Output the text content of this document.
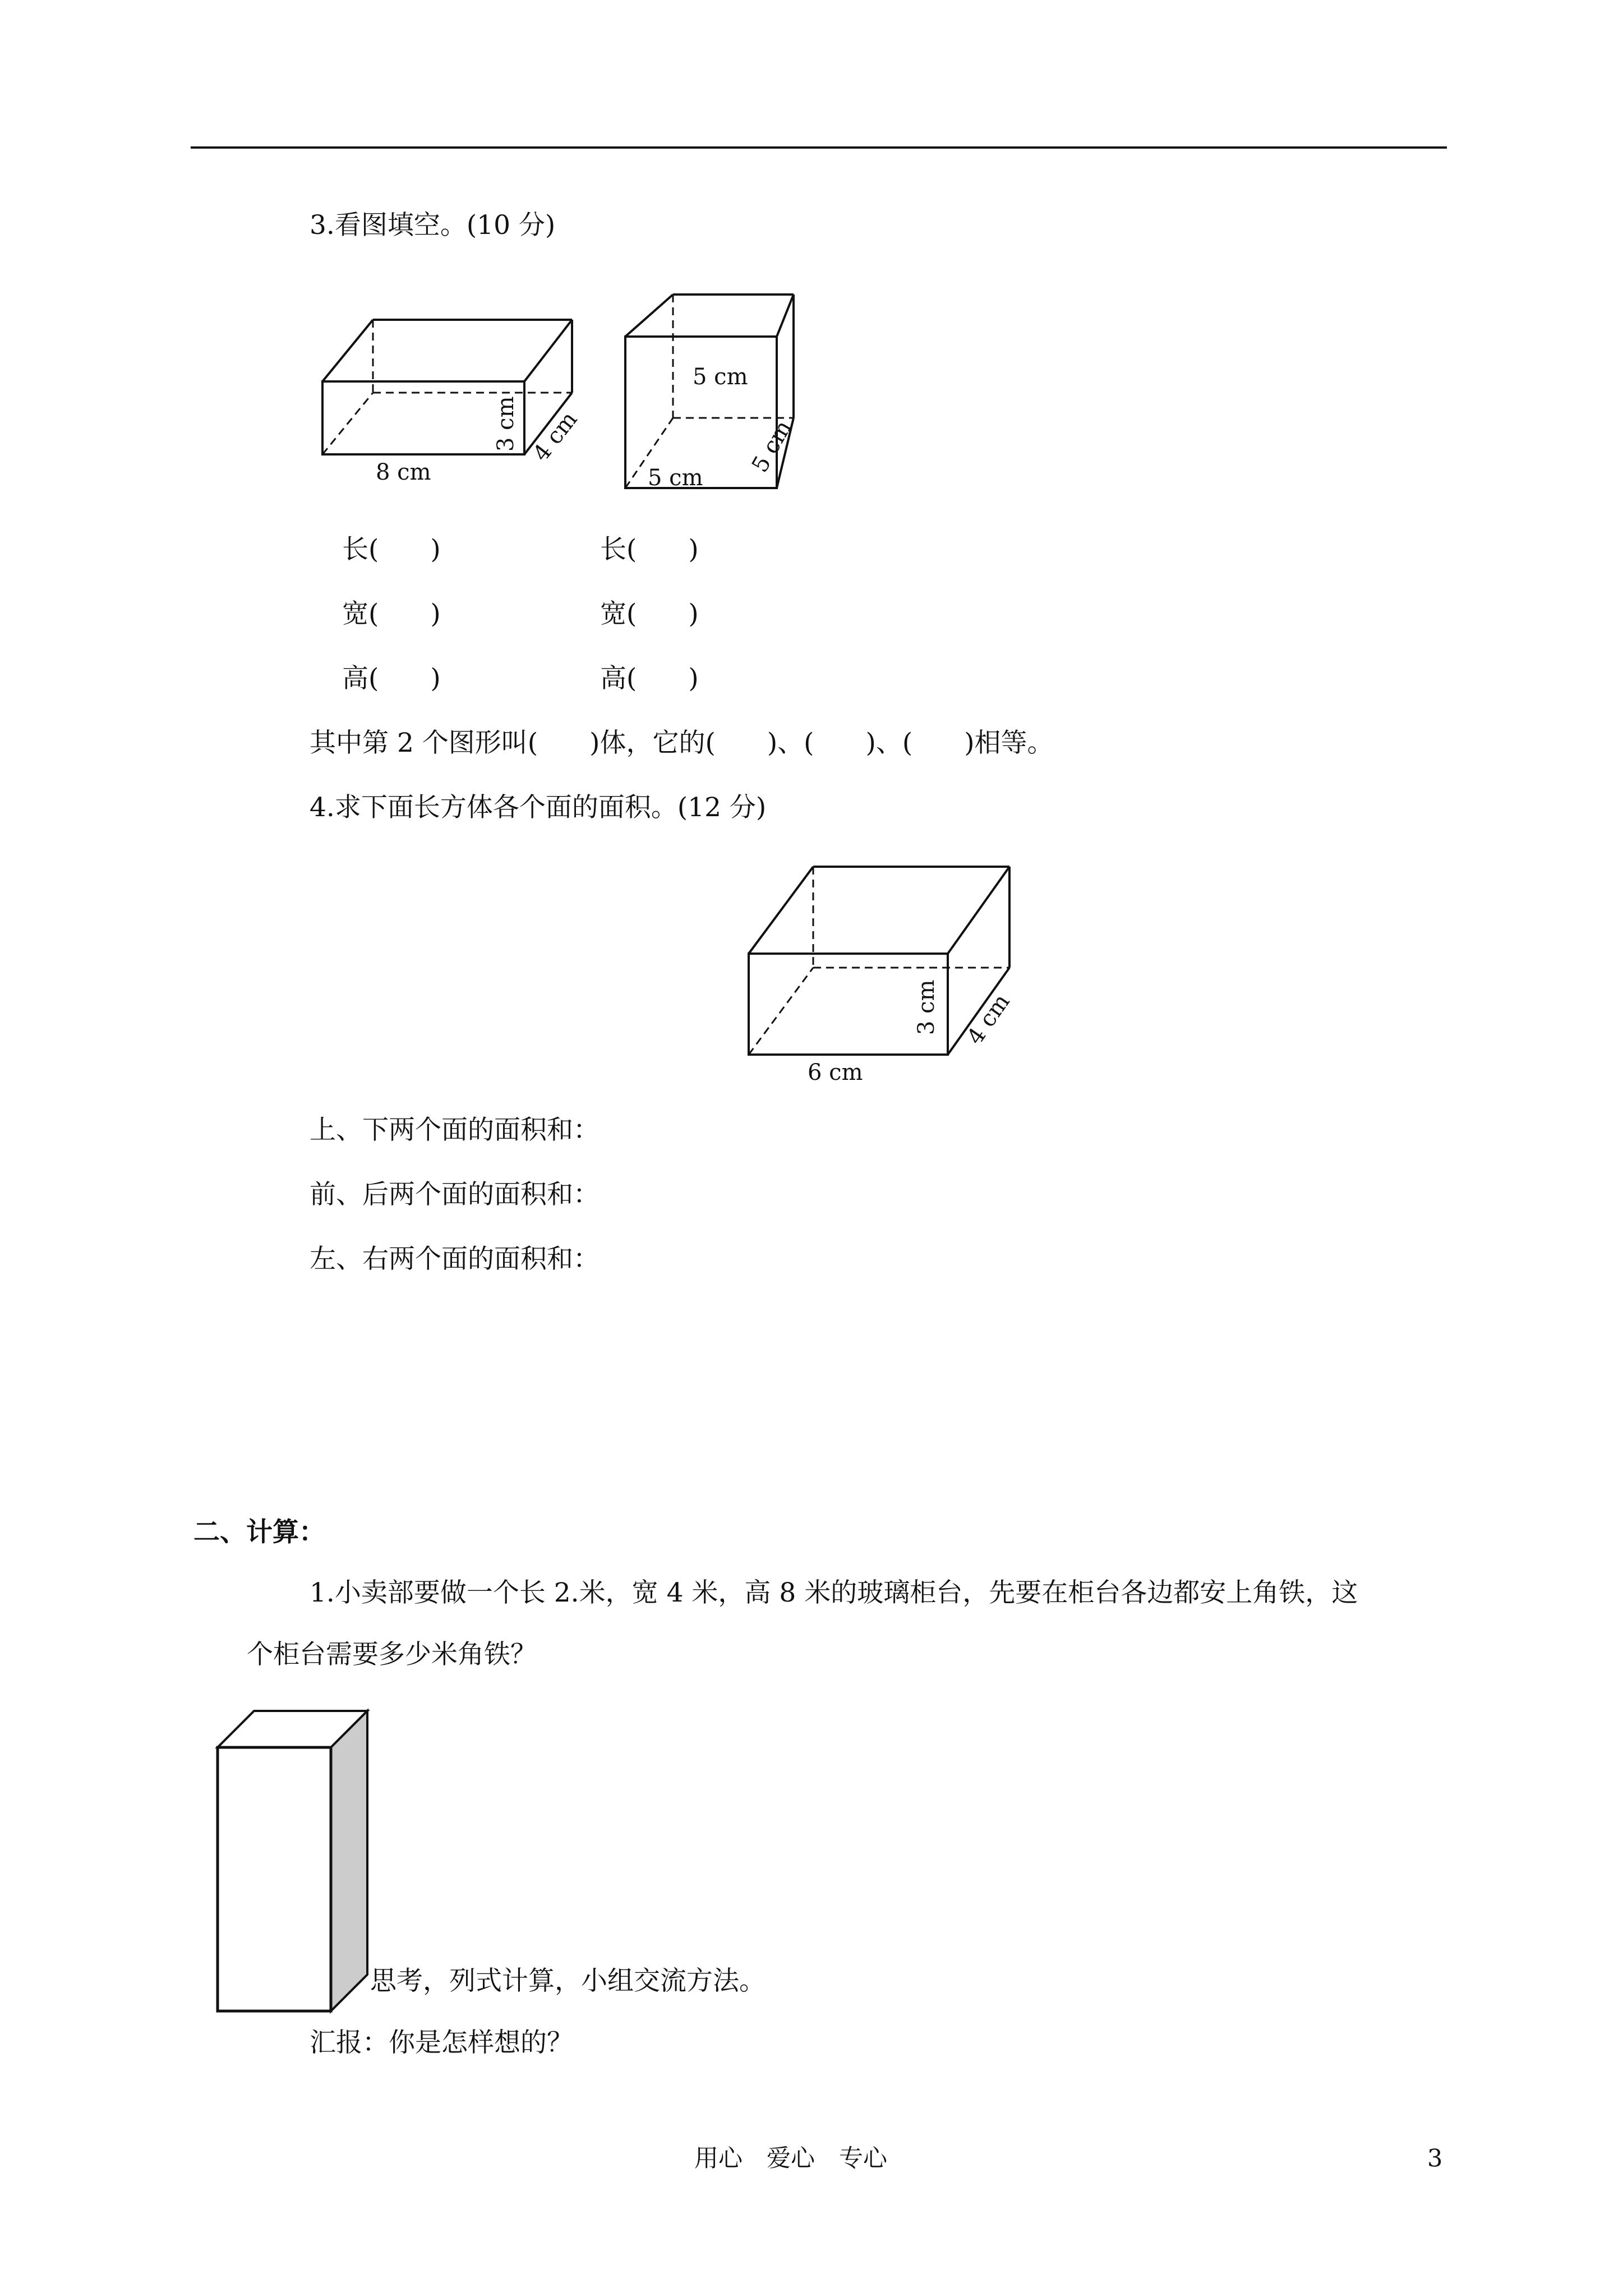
3.看图填空。(10 分)
8 cm
3 cm 4 cm
5 cm
5 cm
5 cm
长( )
宽( )
高( )
长( )
宽( )
高( )
其中第 2 个图形叫( )体，它的( )、( )、( )相等。
4.求下面长方体各个面的面积。(12 分)
6 cm
3 cm 4 cm
上、下两个面的面积和：
前、后两个面的面积和：
左、右两个面的面积和：
二、计算：
1.小卖部要做一个长 2.米，宽 4 米，高 8 米的玻璃柜台，先要在柜台各边都安上角铁，这
个柜台需要多少米角铁？
思考，列式计算，小组交流方法。
汇报：你是怎样想的？
用心　爱心　专心	3
